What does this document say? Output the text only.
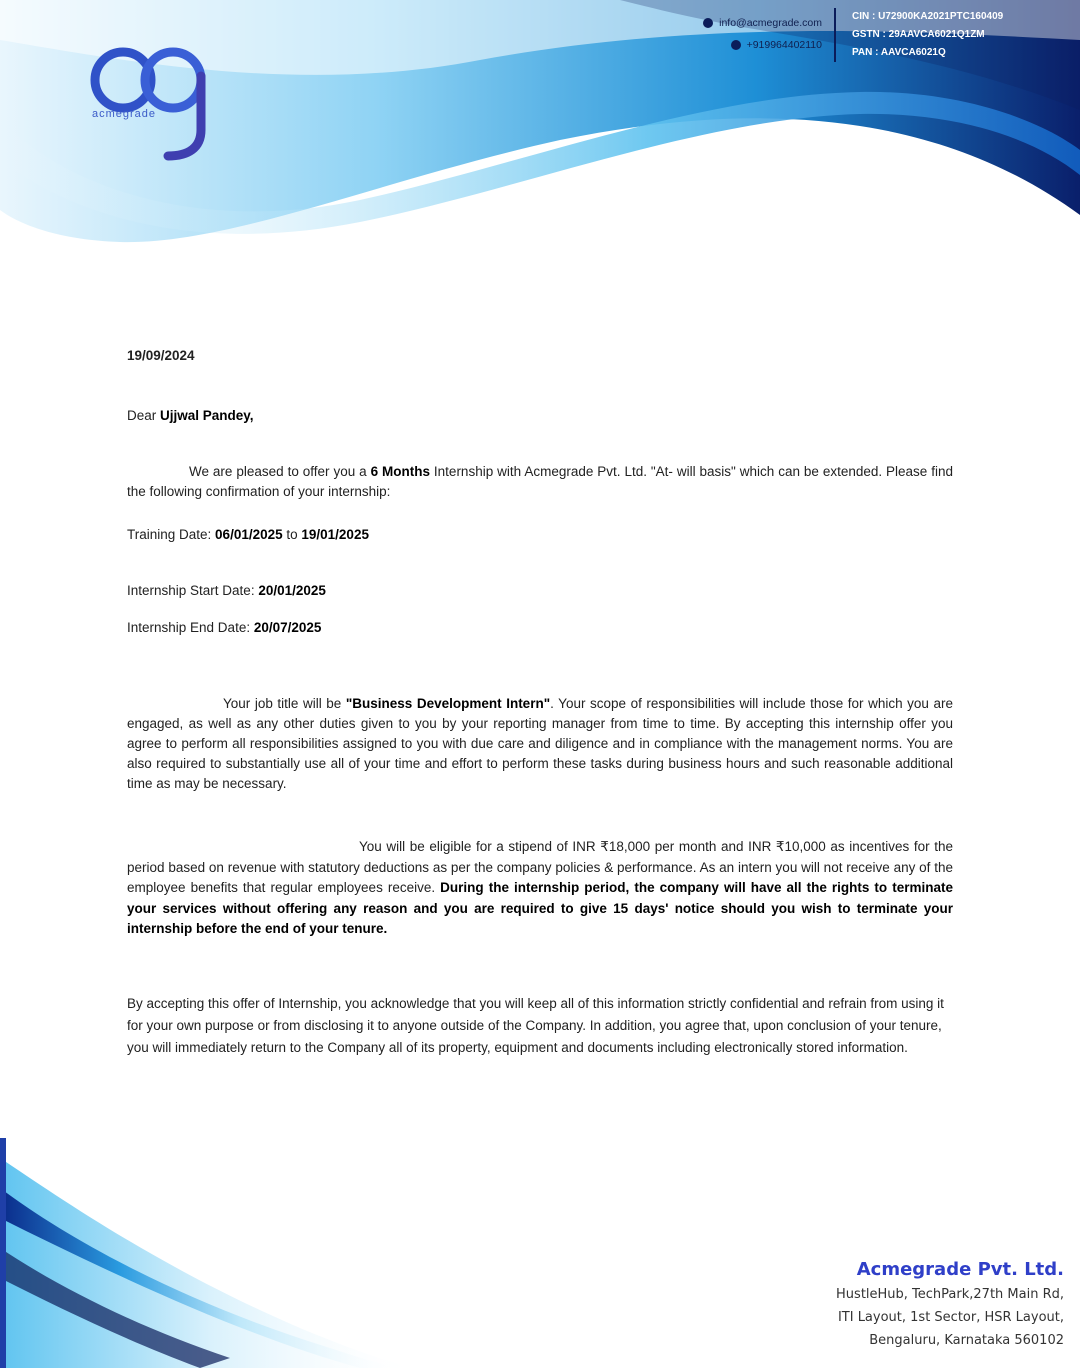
acmegrade
info@acmegrade.com
+919964402110
CIN : U72900KA2021PTC160409
GSTN : 29AAVCA6021Q1ZM
PAN : AAVCA6021Q
19/09/2024
Dear Ujjwal Pandey,
We are pleased to offer you a 6 Months Internship with Acmegrade Pvt. Ltd. "At- will basis" which can be extended. Please find the following confirmation of your internship:
Training Date: 06/01/2025 to 19/01/2025
Internship Start Date: 20/01/2025
Internship End Date: 20/07/2025
Your job title will be "Business Development Intern". Your scope of responsibilities will include those for which you are engaged, as well as any other duties given to you by your reporting manager from time to time. By accepting this internship offer you agree to perform all responsibilities assigned to you with due care and diligence and in compliance with the management norms. You are also required to substantially use all of your time and effort to perform these tasks during business hours and such reasonable additional time as may be necessary.
You will be eligible for a stipend of INR ₹18,000 per month and INR ₹10,000 as incentives for the period based on revenue with statutory deductions as per the company policies & performance. As an intern you will not receive any of the employee benefits that regular employees receive. During the internship period, the company will have all the rights to terminate your services without offering any reason and you are required to give 15 days' notice should you wish to terminate your internship before the end of your tenure.
By accepting this offer of Internship, you acknowledge that you will keep all of this information strictly confidential and refrain from using it for your own purpose or from disclosing it to anyone outside of the Company. In addition, you agree that, upon conclusion of your tenure, you will immediately return to the Company all of its property, equipment and documents including electronically stored information.
Acmegrade Pvt. Ltd.
HustleHub, TechPark,27th Main Rd,
ITI Layout, 1st Sector, HSR Layout,
Bengaluru, Karnataka 560102
